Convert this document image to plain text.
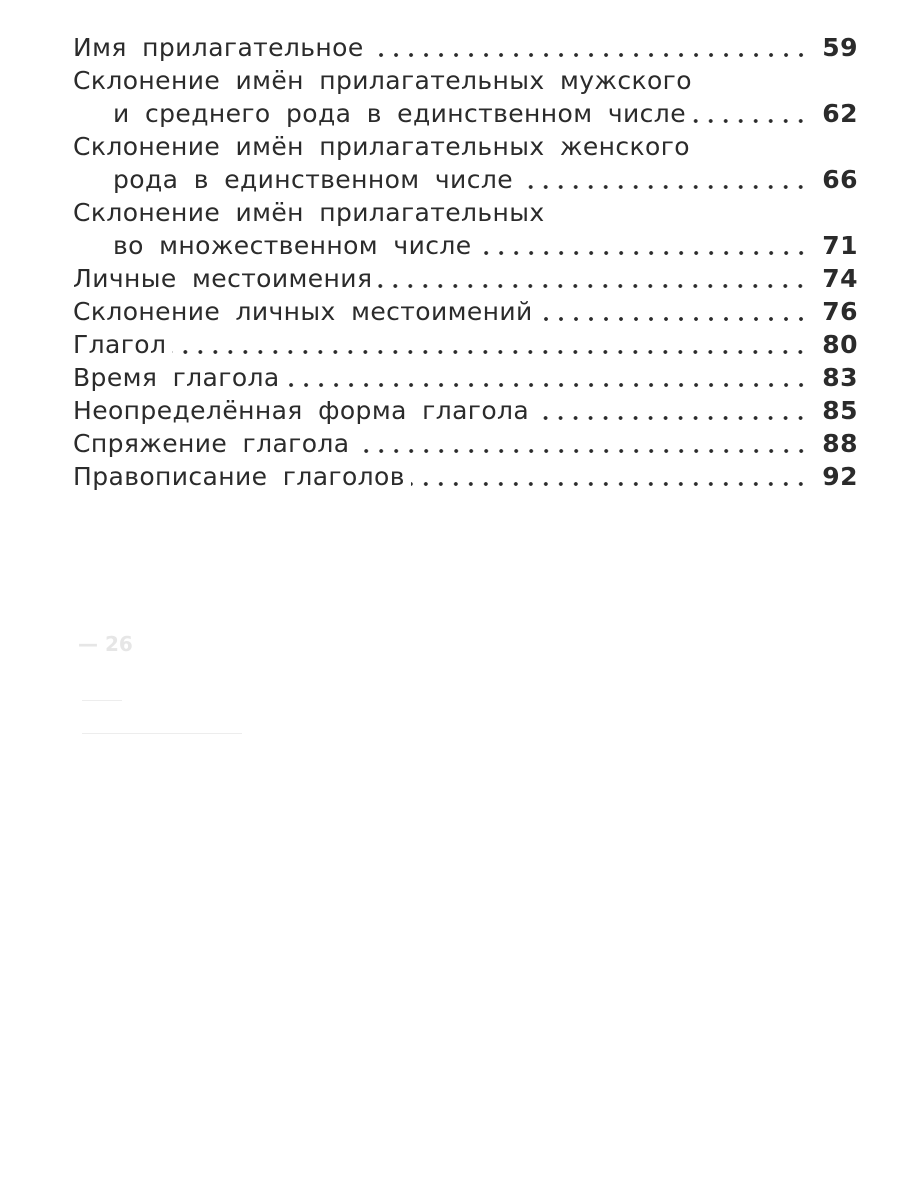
Имя прилагательное	59
Склонение имён прилагательных мужского
и среднего рода в единственном числе	62
Склонение имён прилагательных женского
рода в единственном числе	66
Склонение имён прилагательных
во множественном числе	71
Личные местоимения	74
Склонение личных местоимений	76
Глагол	80
Время глагола	83
Неопределённая форма глагола	85
Спряжение глагола	88
Правописание глаголов	92
— 26
